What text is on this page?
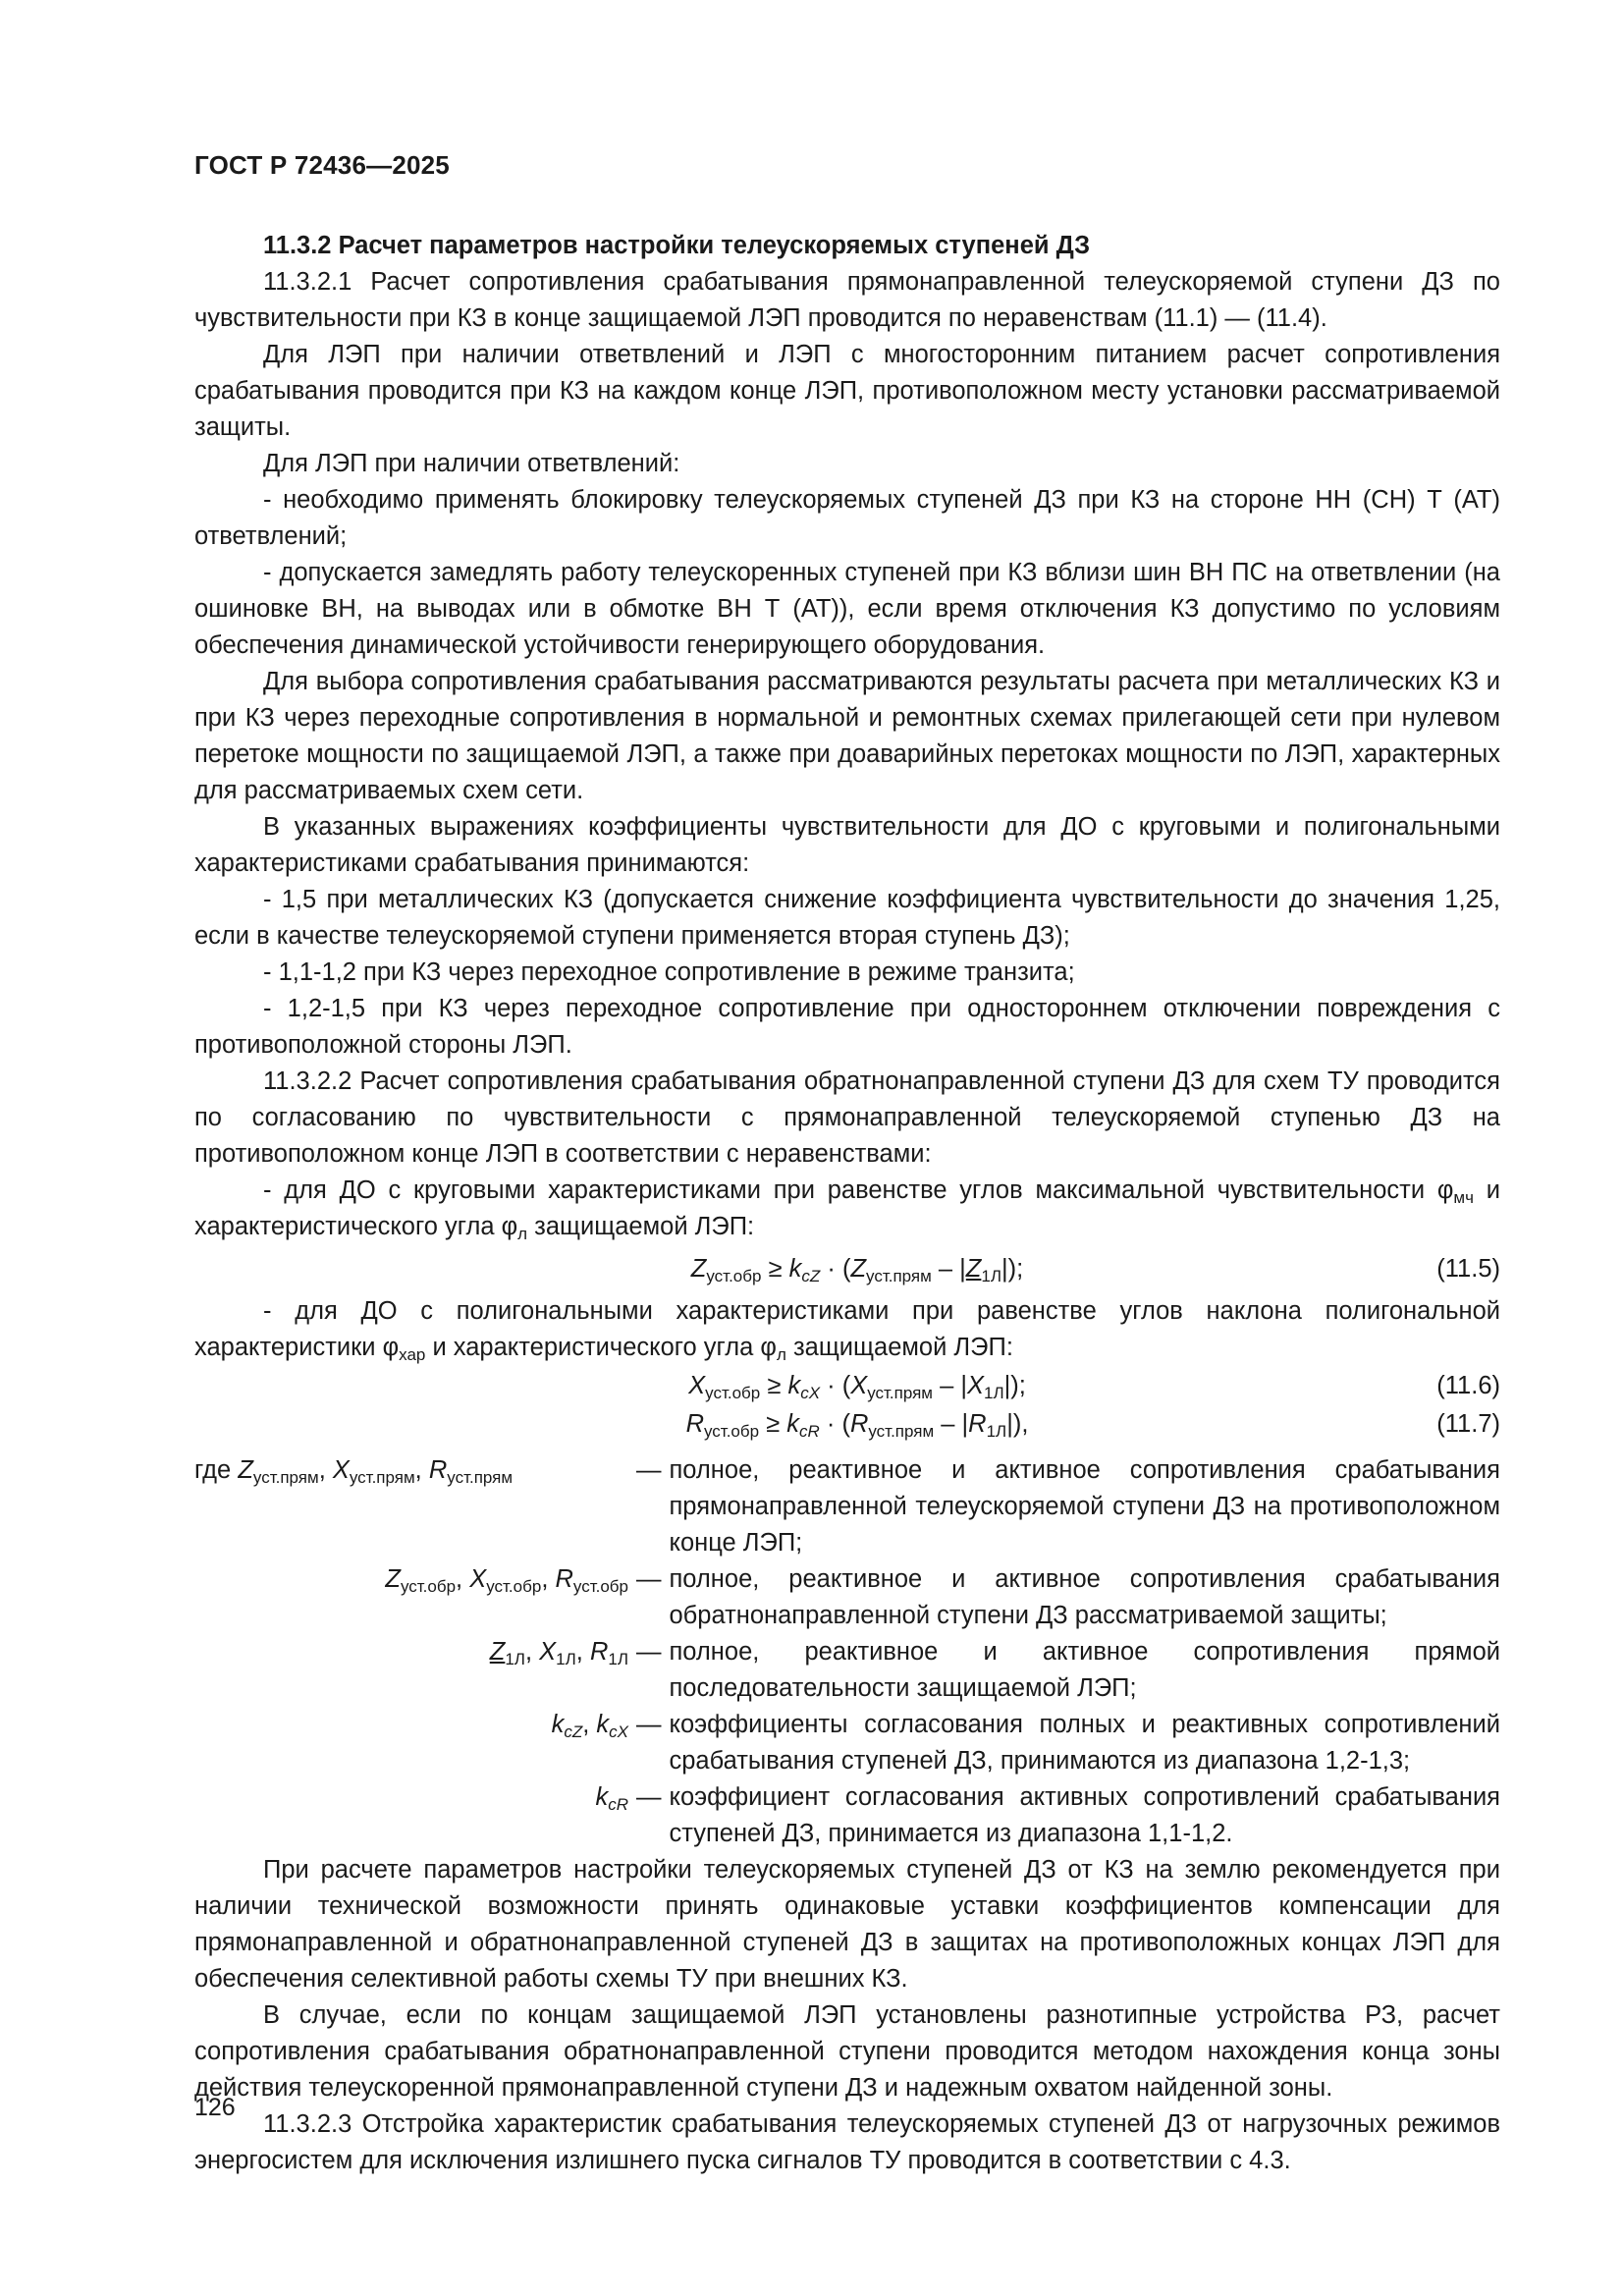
ГОСТ Р 72436—2025

11.3.2 Расчет параметров настройки телеускоряемых ступеней ДЗ

11.3.2.1 Расчет сопротивления срабатывания прямонаправленной телеускоряемой ступени ДЗ по чувствительности при КЗ в конце защищаемой ЛЭП проводится по неравенствам (11.1) — (11.4).

Для ЛЭП при наличии ответвлений и ЛЭП с многосторонним питанием расчет сопротивления срабатывания проводится при КЗ на каждом конце ЛЭП, противоположном месту установки рассматриваемой защиты.

Для ЛЭП при наличии ответвлений:

- необходимо применять блокировку телеускоряемых ступеней ДЗ при КЗ на стороне НН (СН) Т (АТ) ответвлений;

- допускается замедлять работу телеускоренных ступеней при КЗ вблизи шин ВН ПС на ответвлении (на ошиновке ВН, на выводах или в обмотке ВН Т (АТ)), если время отключения КЗ допустимо по условиям обеспечения динамической устойчивости генерирующего оборудования.

Для выбора сопротивления срабатывания рассматриваются результаты расчета при металлических КЗ и при КЗ через переходные сопротивления в нормальной и ремонтных схемах прилегающей сети при нулевом перетоке мощности по защищаемой ЛЭП, а также при доаварийных перетоках мощности по ЛЭП, характерных для рассматриваемых схем сети.

В указанных выражениях коэффициенты чувствительности для ДО с круговыми и полигональными характеристиками срабатывания принимаются:

- 1,5 при металлических КЗ (допускается снижение коэффициента чувствительности до значения 1,25, если в качестве телеускоряемой ступени применяется вторая ступень ДЗ);

- 1,1-1,2 при КЗ через переходное сопротивление в режиме транзита;

- 1,2-1,5 при КЗ через переходное сопротивление при одностороннем отключении повреждения с противоположной стороны ЛЭП.

11.3.2.2 Расчет сопротивления срабатывания обратнонаправленной ступени ДЗ для схем ТУ проводится по согласованию по чувствительности с прямонаправленной телеускоряемой ступенью ДЗ на противоположном конце ЛЭП в соответствии с неравенствами:

- для ДО с круговыми характеристиками при равенстве углов максимальной чувствительности $\varphi_{мч}$ и характеристического угла $\varphi_л$ защищаемой ЛЭП:

$Z_{уст.обр} \ge k_{cZ} \cdot (Z_{уст.прям} - |Z_{1Л}|)$;	(11.5)

- для ДО с полигональными характеристиками при равенстве углов наклона полигональной характеристики $\varphi_{хар}$ и характеристического угла $\varphi_л$ защищаемой ЛЭП:

$X_{уст.обр} \ge k_{cX} \cdot (X_{уст.прям} - |X_{1Л}|)$;	(11.6)
$R_{уст.обр} \ge k_{cR} \cdot (R_{уст.прям} - |R_{1Л}|)$,	(11.7)
где $Z_{уст.прям}$, $X_{уст.прям}$, $R_{уст.прям}$	— полное, реактивное и активное сопротивления срабатывания прямонаправленной телеускоряемой ступени ДЗ на противоположном конце ЛЭП;
$Z_{уст.обр}$, $X_{уст.обр}$, $R_{уст.обр}$ — полное, реактивное и активное сопротивления срабатывания обратнонаправленной ступени ДЗ рассматриваемой защиты;
$Z_{1Л}$, $X_{1Л}$, $R_{1Л}$ — полное, реактивное и активное сопротивления прямой последовательности защищаемой ЛЭП;
$k_{cZ}$, $k_{cX}$ — коэффициенты согласования полных и реактивных сопротивлений срабатывания ступеней ДЗ, принимаются из диапазона 1,2-1,3;
$k_{cR}$ — коэффициент согласования активных сопротивлений срабатывания ступеней ДЗ, принимается из диапазона 1,1-1,2.

При расчете параметров настройки телеускоряемых ступеней ДЗ от КЗ на землю рекомендуется при наличии технической возможности принять одинаковые уставки коэффициентов компенсации для прямонаправленной и обратнонаправленной ступеней ДЗ в защитах на противоположных концах ЛЭП для обеспечения селективной работы схемы ТУ при внешних КЗ.

В случае, если по концам защищаемой ЛЭП установлены разнотипные устройства РЗ, расчет сопротивления срабатывания обратнонаправленной ступени проводится методом нахождения конца зоны действия телеускоренной прямонаправленной ступени ДЗ и надежным охватом найденной зоны.

11.3.2.3 Отстройка характеристик срабатывания телеускоряемых ступеней ДЗ от нагрузочных режимов энергосистем для исключения излишнего пуска сигналов ТУ проводится в соответствии с 4.3.

126
